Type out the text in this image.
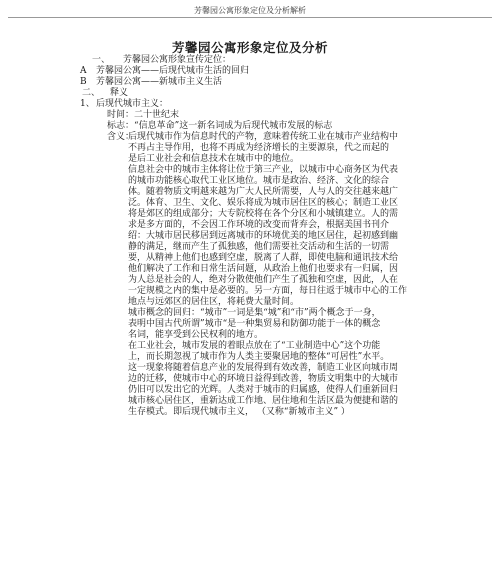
芳馨园公寓形象定位及分析解析
芳馨园公寓形象定位及分析
一、 芳馨园公寓形象宣传定位：
A 芳馨园公寓——后现代城市生活的回归
B 芳馨园公寓——新城市主义生活
二、 释义
1、 后现代城市主义：
时间：二十世纪末
标志：“信息革命”这一新名词成为后现代城市发展的标志
含义：
后现代城市作为信息时代的产物，意味着传统工业在城市产业结构中
不再占主导作用，也将不再成为经济增长的主要源泉，代之而起的
是后工业社会和信息技术在城市中的地位。
信息社会中的城市主体将让位于第三产业，以城市中心商务区为代表
的城市功能核心取代工业区地位。城市是政治、经济、文化的综合
体。随着物质文明越来越为广大人民所需要，人与人的交往越来越广
泛。体育、卫生、文化、娱乐将成为城市居住区的核心；制造工业区
将是郊区的组成部分；大专院校将在各个分区和小城镇建立。人的需
求是多方面的，不会因工作环境的改变而背弃会，根据美国书刊介
绍：大城市居民移居到远离城市的环境优美的地区居住，起初感到幽
静的满足，继而产生了孤独感，他们需要社交活动和生活的一切需
要，从精神上他们也感到空虚，脱离了人群，即使电脑和通讯技术给
他们解决了工作和日常生活问题，从政治上他们也要求有一归属，因
为人总是社会的人，绝对分散使他们产生了孤独和空虚，因此，人在
一定规模之内的集中是必要的。另一方面，每日往返于城市中心的工作
地点与远郊区的居住区，将耗费大量时间。
城市概念的回归：“城市”一词是集“城”和“市”两个概念于一身，
表明中国古代所谓”城市“是一种集贸易和防御功能于一体的概念
名词，能享受到公民权利的地方。
在工业社会，城市发展的着眼点放在了“工业制造中心”这个功能
上，而长期忽视了城市作为人类主要聚居地的整体“可居性”水平。
这一现象将随着信息产业的发展得到有效改善，制造工业区向城市周
边的迁移，使城市中心的环境日益得到改善，物质文明集中的大城市
仍旧可以发出它的光辉。人类对于城市的归属感，使得人们重新回归
城市核心居住区，重新达成工作地、居住地和生活区最为便捷和谐的
生存模式。即后现代城市主义， （又称“新城市主义” ）
